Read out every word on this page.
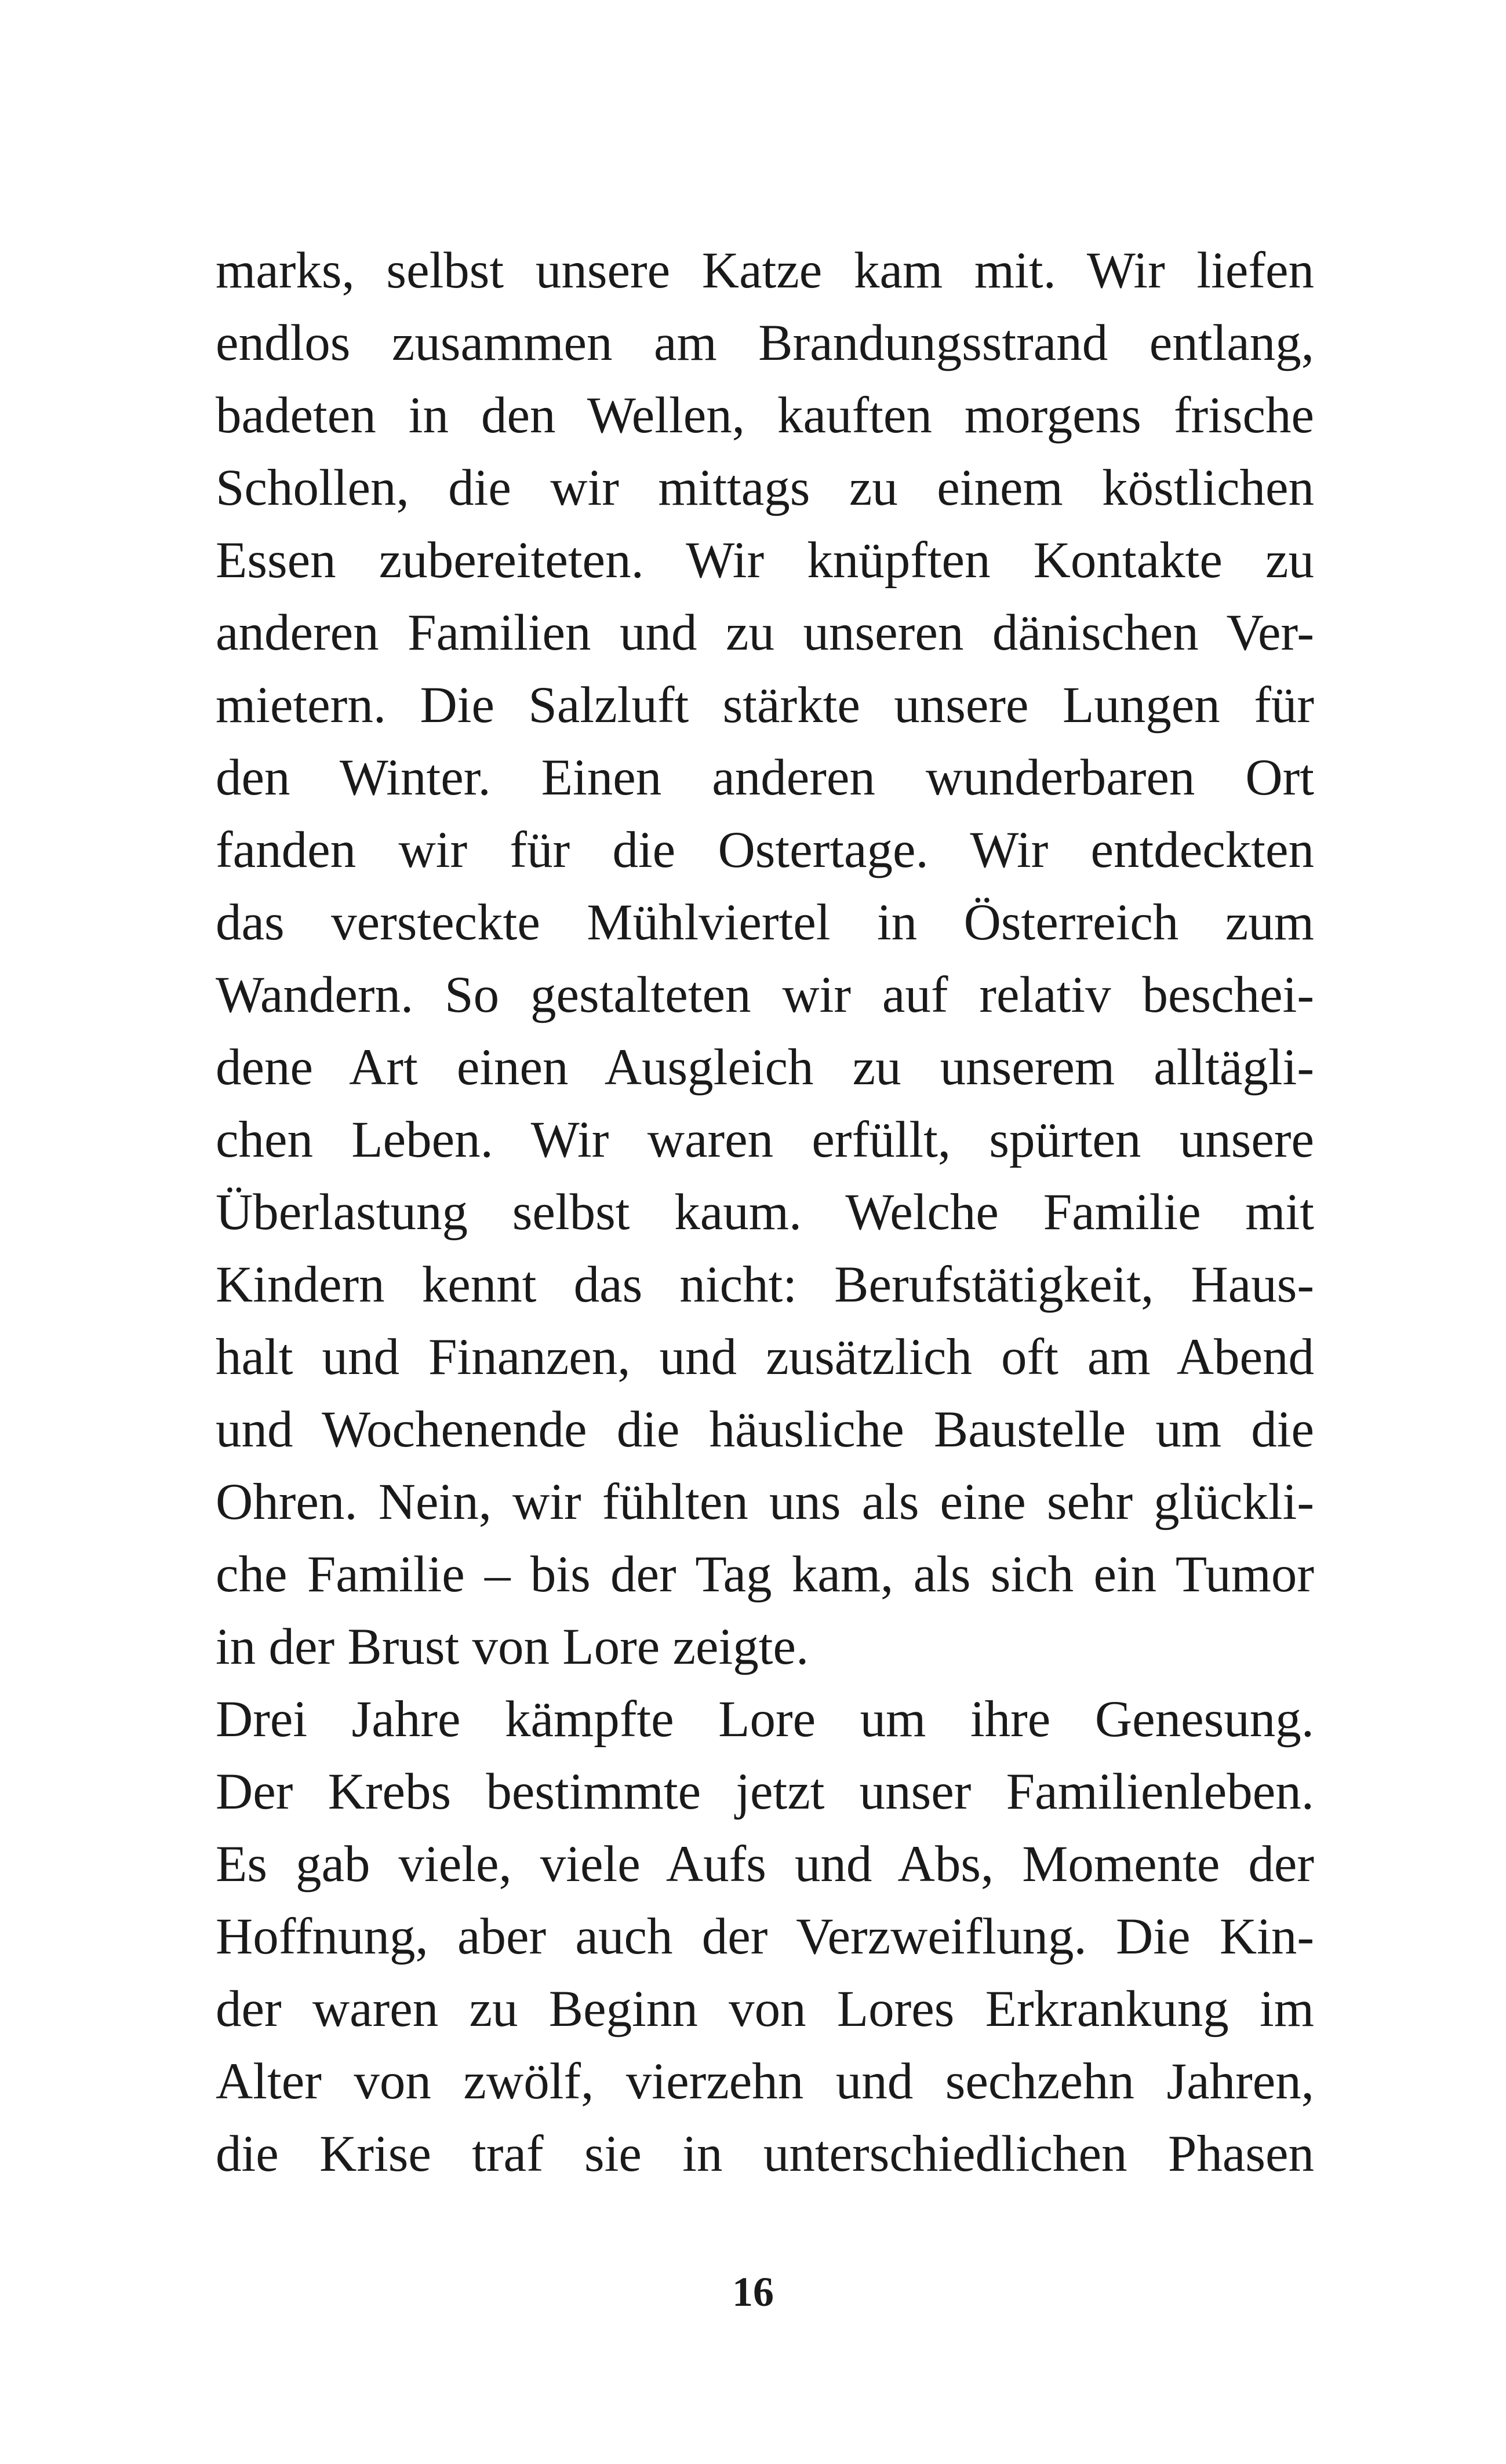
marks, selbst unsere Katze kam mit. Wir liefen
endlos zusammen am Brandungsstrand entlang,
badeten in den Wellen, kauften morgens frische
Schollen, die wir mittags zu einem köstlichen
Essen zubereiteten. Wir knüpften Kontakte zu
anderen Familien und zu unseren dänischen Ver-
mietern. Die Salzluft stärkte unsere Lungen für
den Winter. Einen anderen wunderbaren Ort
fanden wir für die Ostertage. Wir entdeckten
das versteckte Mühlviertel in Österreich zum
Wandern. So gestalteten wir auf relativ beschei-
dene Art einen Ausgleich zu unserem alltägli-
chen Leben. Wir waren erfüllt, spürten unsere
Überlastung selbst kaum. Welche Familie mit
Kindern kennt das nicht: Berufstätigkeit, Haus-
halt und Finanzen, und zusätzlich oft am Abend
und Wochenende die häusliche Baustelle um die
Ohren. Nein, wir fühlten uns als eine sehr glückli-
che Familie – bis der Tag kam, als sich ein Tumor
in der Brust von Lore zeigte.
Drei Jahre kämpfte Lore um ihre Genesung.
Der Krebs bestimmte jetzt unser Familienleben.
Es gab viele, viele Aufs und Abs, Momente der
Hoffnung, aber auch der Verzweiflung. Die Kin-
der waren zu Beginn von Lores Erkrankung im
Alter von zwölf, vierzehn und sechzehn Jahren,
die Krise traf sie in unterschiedlichen Phasen
16
